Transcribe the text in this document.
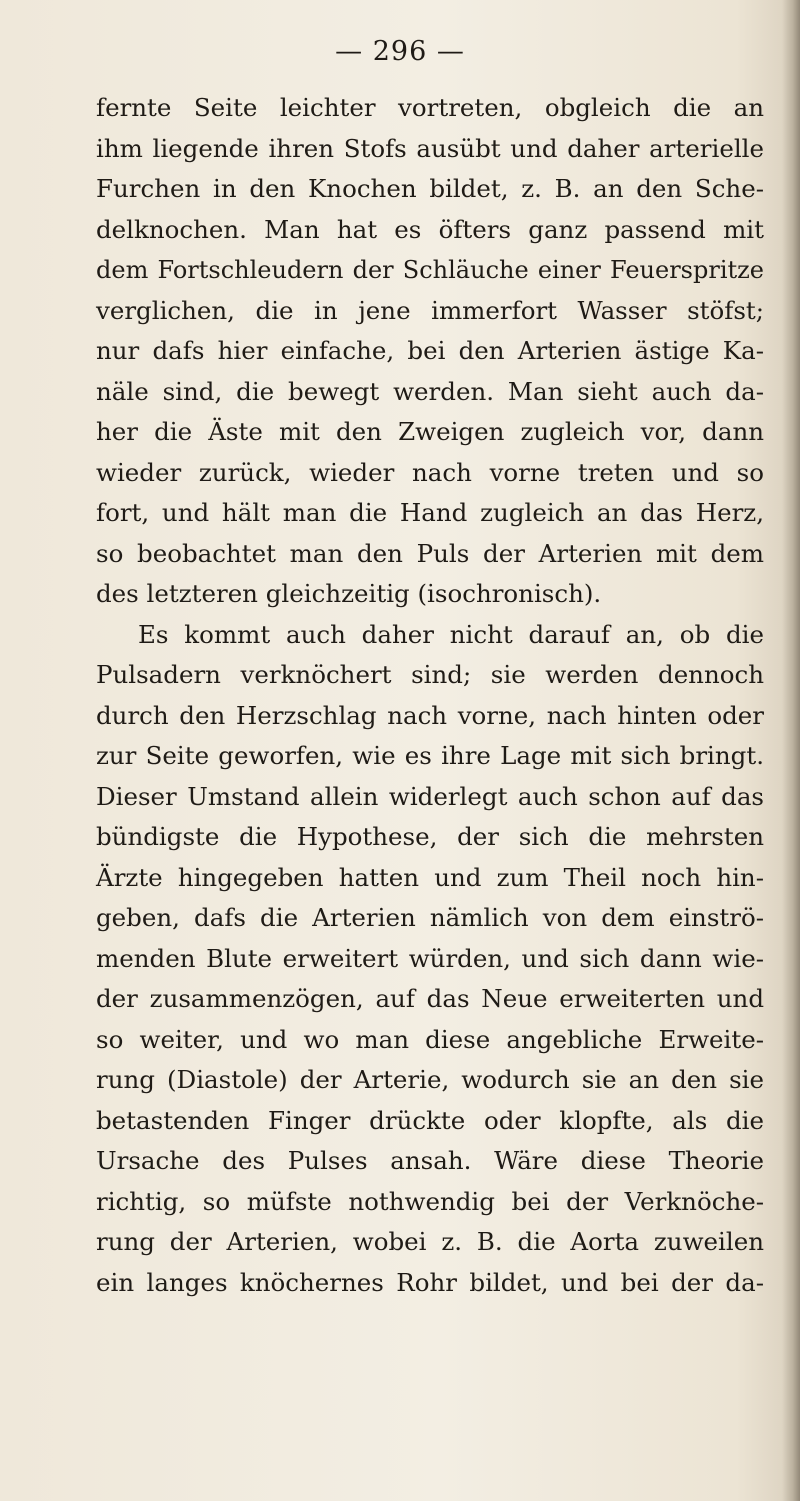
— 296 —
fernte Seite leichter vortreten, obgleich die an
ihm liegende ihren Stofs ausübt und daher arterielle
Furchen in den Knochen bildet, z. B. an den Sche-
delknochen. Man hat es öfters ganz passend mit
dem Fortschleudern der Schläuche einer Feuerspritze
verglichen, die in jene immerfort Wasser stöfst;
nur dafs hier einfache, bei den Arterien ästige Ka-
näle sind, die bewegt werden. Man sieht auch da-
her die Äste mit den Zweigen zugleich vor, dann
wieder zurück, wieder nach vorne treten und so
fort, und hält man die Hand zugleich an das Herz,
so beobachtet man den Puls der Arterien mit dem
des letzteren gleichzeitig (isochronisch).
Es kommt auch daher nicht darauf an, ob die
Pulsadern verknöchert sind; sie werden dennoch
durch den Herzschlag nach vorne, nach hinten oder
zur Seite geworfen, wie es ihre Lage mit sich bringt.
Dieser Umstand allein widerlegt auch schon auf das
bündigste die Hypothese, der sich die mehrsten
Ärzte hingegeben hatten und zum Theil noch hin-
geben, dafs die Arterien nämlich von dem einströ-
menden Blute erweitert würden, und sich dann wie-
der zusammenzögen, auf das Neue erweiterten und
so weiter, und wo man diese angebliche Erweite-
rung (Diastole) der Arterie, wodurch sie an den sie
betastenden Finger drückte oder klopfte, als die
Ursache des Pulses ansah. Wäre diese Theorie
richtig, so müfste nothwendig bei der Verknöche-
rung der Arterien, wobei z. B. die Aorta zuweilen
ein langes knöchernes Rohr bildet, und bei der da-
